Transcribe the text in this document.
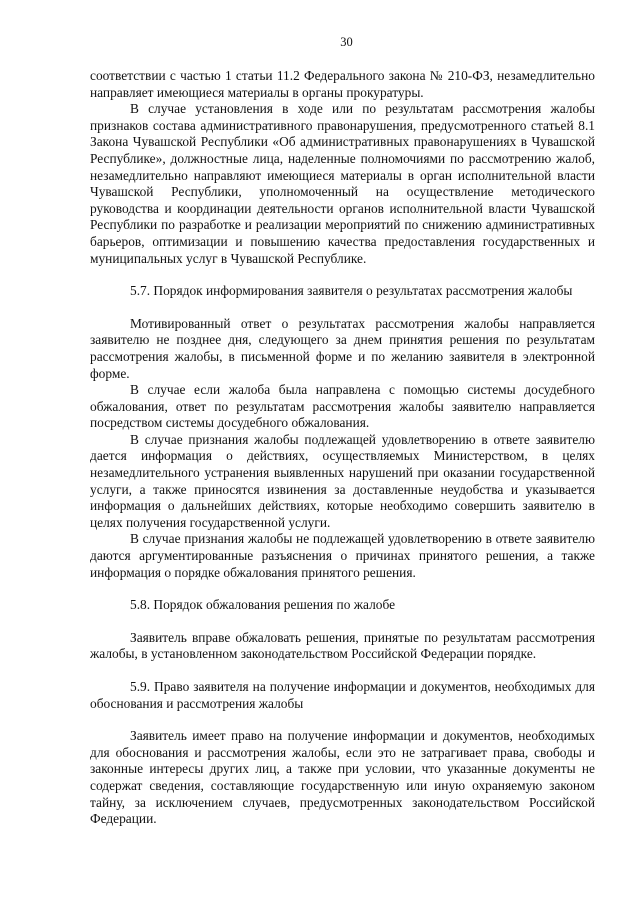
30

соответствии с частью 1 статьи 11.2 Федерального закона № 210-ФЗ, незамедлительно направляет имеющиеся материалы в органы прокуратуры.

В случае установления в ходе или по результатам рассмотрения жалобы признаков состава административного правонарушения, предусмотренного статьей 8.1 Закона Чувашской Республики «Об административных правонарушениях в Чувашской Республике», должностные лица, наделенные полномочиями по рассмотрению жалоб, незамедлительно направляют имеющиеся материалы в орган исполнительной власти Чувашской Республики, уполномоченный на осуществление методического руководства и координации деятельности органов исполнительной власти Чувашской Республики по разработке и реализации мероприятий по снижению административных барьеров, оптимизации и повышению качества предоставления государственных и муниципальных услуг в Чувашской Республике.

5.7. Порядок информирования заявителя о результатах рассмотрения жалобы

Мотивированный ответ о результатах рассмотрения жалобы направляется заявителю не позднее дня, следующего за днем принятия решения по результатам рассмотрения жалобы, в письменной форме и по желанию заявителя в электронной форме.

В случае если жалоба была направлена с помощью системы досудебного обжалования, ответ по результатам рассмотрения жалобы заявителю направляется посредством системы досудебного обжалования.

В случае признания жалобы подлежащей удовлетворению в ответе заявителю дается информация о действиях, осуществляемых Министерством, в целях незамедлительного устранения выявленных нарушений при оказании государственной услуги, а также приносятся извинения за доставленные неудобства и указывается информация о дальнейших действиях, которые необходимо совершить заявителю в целях получения государственной услуги.

В случае признания жалобы не подлежащей удовлетворению в ответе заявителю даются аргументированные разъяснения о причинах принятого решения, а также информация о порядке обжалования принятого решения.

5.8. Порядок обжалования решения по жалобе

Заявитель вправе обжаловать решения, принятые по результатам рассмотрения жалобы, в установленном законодательством Российской Федерации порядке.

5.9. Право заявителя на получение информации и документов, необходимых для обоснования и рассмотрения жалобы

Заявитель имеет право на получение информации и документов, необходимых для обоснования и рассмотрения жалобы, если это не затрагивает права, свободы и законные интересы других лиц, а также при условии, что указанные документы не содержат сведения, составляющие государственную или иную охраняемую законом тайну, за исключением случаев, предусмотренных законодательством Российской Федерации.
